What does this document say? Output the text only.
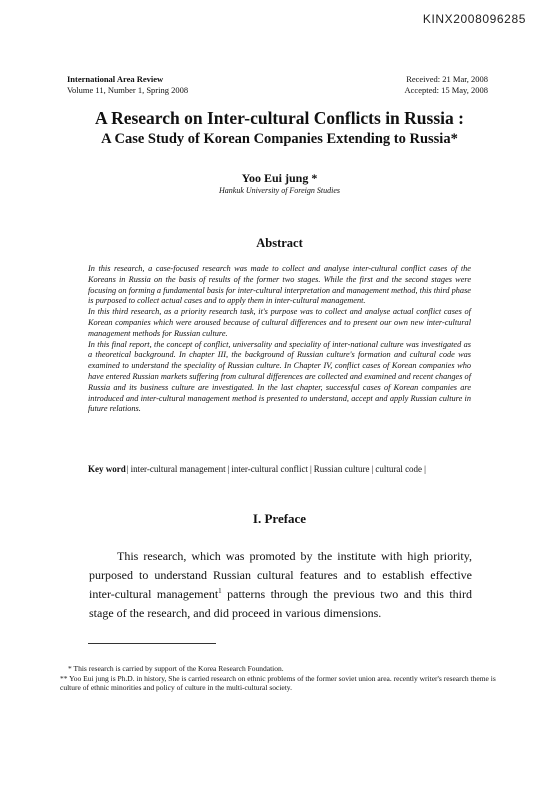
KINX2008096285
International Area Review
Volume 11, Number 1, Spring 2008
Received: 21 Mar, 2008
Accepted: 15 May, 2008
A Research on Inter-cultural Conflicts in Russia :
A Case Study of Korean Companies Extending to Russia*
Yoo Eui jung *
Hankuk University of Foreign Studies
Abstract

In this research, a case-focused research was made to collect and analyse inter-cultural conflict cases of the Koreans in Russia on the basis of results of the former two stages. While the first and the second stages were focusing on forming a fundamental basis for inter-cultural interpretation and management method, this third phase is purposed to collect actual cases and to apply them in inter-cultural management.

In this third research, as a priority research task, it's purpose was to collect and analyse actual conflict cases of Korean companies which were aroused because of cultural differences and to present our own new inter-cultural management methods for Russian culture.

In this final report, the concept of conflict, universality and speciality of inter-national culture was investigated as a theoretical background. In chapter III, the background of Russian culture's formation and cultural code was examined to understand the speciality of Russian culture. In Chapter IV, conflict cases of Korean companies who have entered Russian markets suffering from cultural differences are collected and examined and recent changes of Russia and its business culture are investigated. In the last chapter, successful cases of Korean companies are introduced and inter-cultural management method is presented to understand, accept and apply Russian culture in future relations.

Key word| inter-cultural management | inter-cultural conflict | Russian culture | cultural code |
I. Preface

This research, which was promoted by the institute with high priority, purposed to understand Russian cultural features and to establish effective inter-cultural management$^1$ patterns through the previous two and this third stage of the research, and did proceed in various dimensions.

* This research is carried by support of the Korea Research Foundation.

** Yoo Eui jung is Ph.D. in history, She is carried research on ethnic problems of the former soviet union area. recently writer's research theme is culture of ethnic minorities and policy of culture in the multi-cultural society.
